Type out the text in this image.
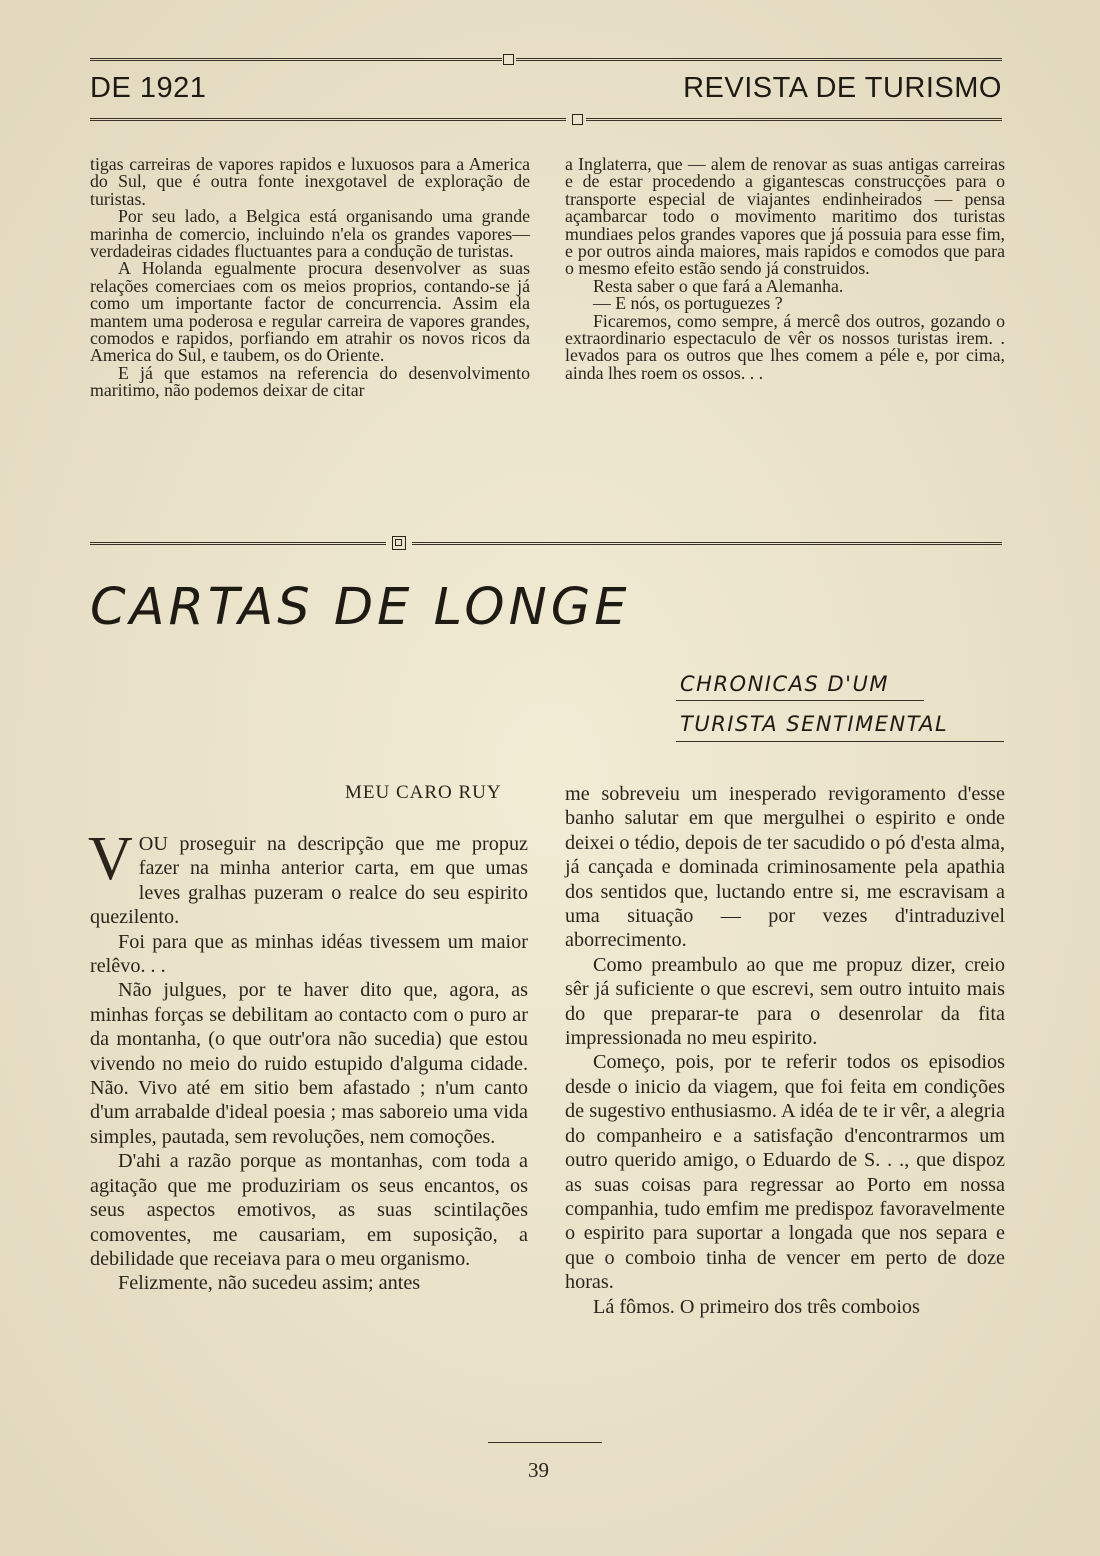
DE 1921	REVISTA DE TURISMO

tigas carreiras de vapores rapidos e luxuosos para a America do Sul, que é outra fonte inexgotavel de exploração de turistas.

Por seu lado, a Belgica está organisando uma grande marinha de comercio, incluindo n'ela os grandes vapores—verdadeiras cidades fluctuantes para a condução de turistas.

A Holanda egualmente procura desenvolver as suas relações comerciaes com os meios proprios, contando-se já como um importante factor de concurrencia. Assim ela mantem uma poderosa e regular carreira de vapores grandes, comodos e rapidos, porfiando em atrahir os novos ricos da America do Sul, e taubem, os do Oriente.

E já que estamos na referencia do desenvolvimento maritimo, não podemos deixar de citar

a Inglaterra, que — alem de renovar as suas antigas carreiras e de estar procedendo a gigantescas construcções para o transporte especial de viajantes endinheirados — pensa açambarcar todo o movimento maritimo dos turistas mundiaes pelos grandes vapores que já possuia para esse fim, e por outros ainda maiores, mais rapidos e comodos que para o mesmo efeito estão sendo já construidos.

Resta saber o que fará a Alemanha.

— E nós, os portuguezes ?

Ficaremos, como sempre, á mercê dos outros, gozando o extraordinario espectaculo de vêr os nossos turistas irem. . levados para os outros que lhes comem a péle e, por cima, ainda lhes roem os ossos. . .

CARTAS DE LONGE
CHRONICAS D'UM
TURISTA SENTIMENTAL
MEU CARO RUY

VOU proseguir na descripção que me propuz fazer na minha anterior carta, em que umas leves gralhas puzeram o realce do seu espirito quezilento.

Foi para que as minhas idéas tivessem um maior relêvo. . .

Não julgues, por te haver dito que, agora, as minhas forças se debilitam ao contacto com o puro ar da montanha, (o que outr'ora não sucedia) que estou vivendo no meio do ruido estupido d'alguma cidade. Não. Vivo até em sitio bem afastado ; n'um canto d'um arrabalde d'ideal poesia ; mas saboreio uma vida simples, pautada, sem revoluções, nem comoções.

D'ahi a razão porque as montanhas, com toda a agitação que me produziriam os seus encantos, os seus aspectos emotivos, as suas scintilações comoventes, me causariam, em suposição, a debilidade que receiava para o meu organismo.

Felizmente, não sucedeu assim; antes

me sobreveiu um inesperado revigoramento d'esse banho salutar em que mergulhei o espirito e onde deixei o tédio, depois de ter sacudido o pó d'esta alma, já cançada e dominada criminosamente pela apathia dos sentidos que, luctando entre si, me escravisam a uma situação — por vezes d'intraduzivel aborrecimento.

Como preambulo ao que me propuz dizer, creio sêr já suficiente o que escrevi, sem outro intuito mais do que preparar-te para o desenrolar da fita impressionada no meu espirito.

Começo, pois, por te referir todos os episodios desde o inicio da viagem, que foi feita em condições de sugestivo enthusiasmo. A idéa de te ir vêr, a alegria do companheiro e a satisfação d'encontrarmos um outro querido amigo, o Eduardo de S. . ., que dispoz as suas coisas para regressar ao Porto em nossa companhia, tudo emfim me predispoz favoravelmente o espirito para suportar a longada que nos separa e que o comboio tinha de vencer em perto de doze horas.

Lá fômos. O primeiro dos três comboios

39
